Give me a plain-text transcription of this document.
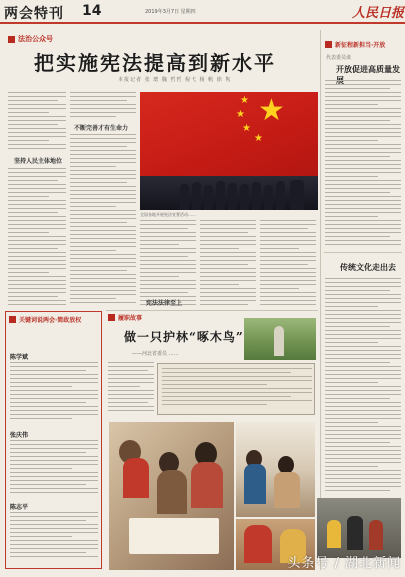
两会特刊 14	2019年3月7日 星期四	人民日报
法治公众号
把实施宪法提高到新水平
本报记者 张 璁 魏 哲哲 倪弋 杨 帆 徐 隽
坚持人民主体地位
不断完善才有生命力
★
★
★
★
★
全国各地开展宪法宣誓活动……
宪法法律至上
新征程新担当·开放
代表委员谈
开放促进高质量发
传统文化走出去
关键词说两会·简政放权
陈学斌
张庆伟
陈志平
履职故事
做一只护林“啄木鸟”
——河北省委员 ……
头条号 / 湖北新闻
